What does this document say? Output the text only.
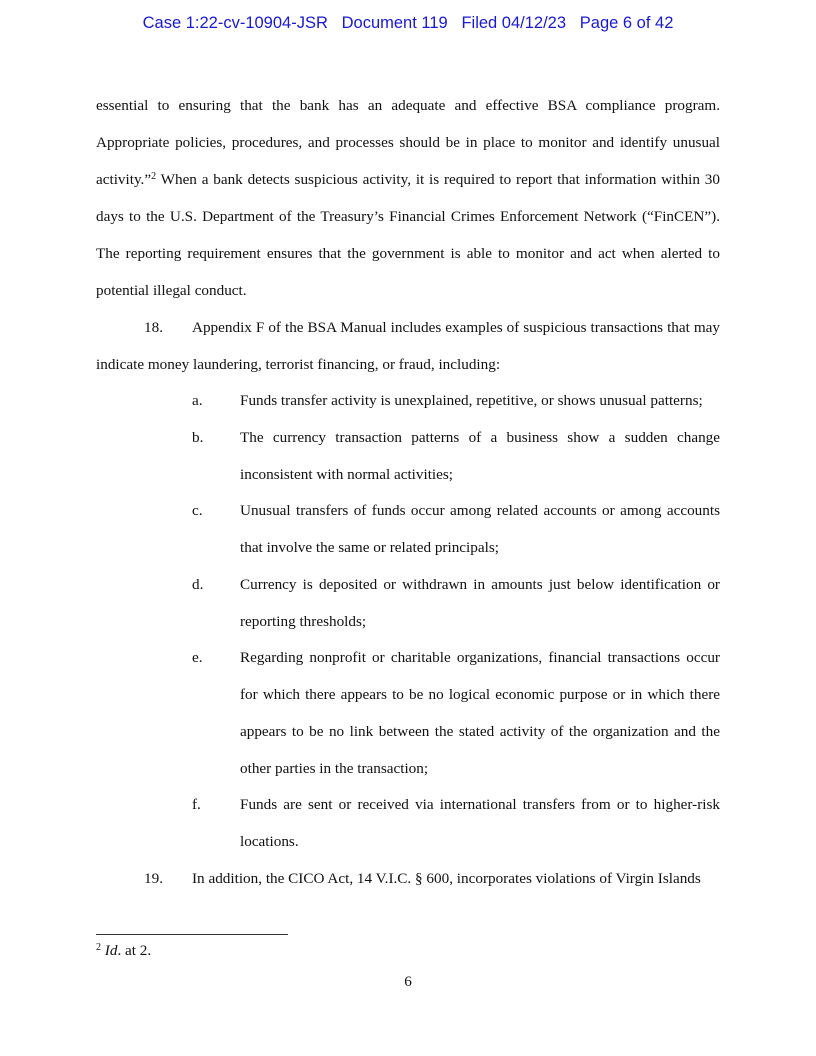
Case 1:22-cv-10904-JSR   Document 119   Filed 04/12/23   Page 6 of 42

essential to ensuring that the bank has an adequate and effective BSA compliance program. Appropriate policies, procedures, and processes should be in place to monitor and identify unusual activity.”$^2$ When a bank detects suspicious activity, it is required to report that information within 30 days to the U.S. Department of the Treasury’s Financial Crimes Enforcement Network (“FinCEN”). The reporting requirement ensures that the government is able to monitor and act when alerted to potential illegal conduct.

18. Appendix F of the BSA Manual includes examples of suspicious transactions that may indicate money laundering, terrorist financing, or fraud, including:

a. Funds transfer activity is unexplained, repetitive, or shows unusual patterns;
b. The currency transaction patterns of a business show a sudden change inconsistent with normal activities;
c. Unusual transfers of funds occur among related accounts or among accounts that involve the same or related principals;
d. Currency is deposited or withdrawn in amounts just below identification or reporting thresholds;
e. Regarding nonprofit or charitable organizations, financial transactions occur for which there appears to be no logical economic purpose or in which there appears to be no link between the stated activity of the organization and the other parties in the transaction;
f.	Funds are sent or received via international transfers from or to higher-risk locations.

19. In addition, the CICO Act, 14 V.I.C. § 600, incorporates violations of Virgin Islands

$^2$ Id. at 2.
6
